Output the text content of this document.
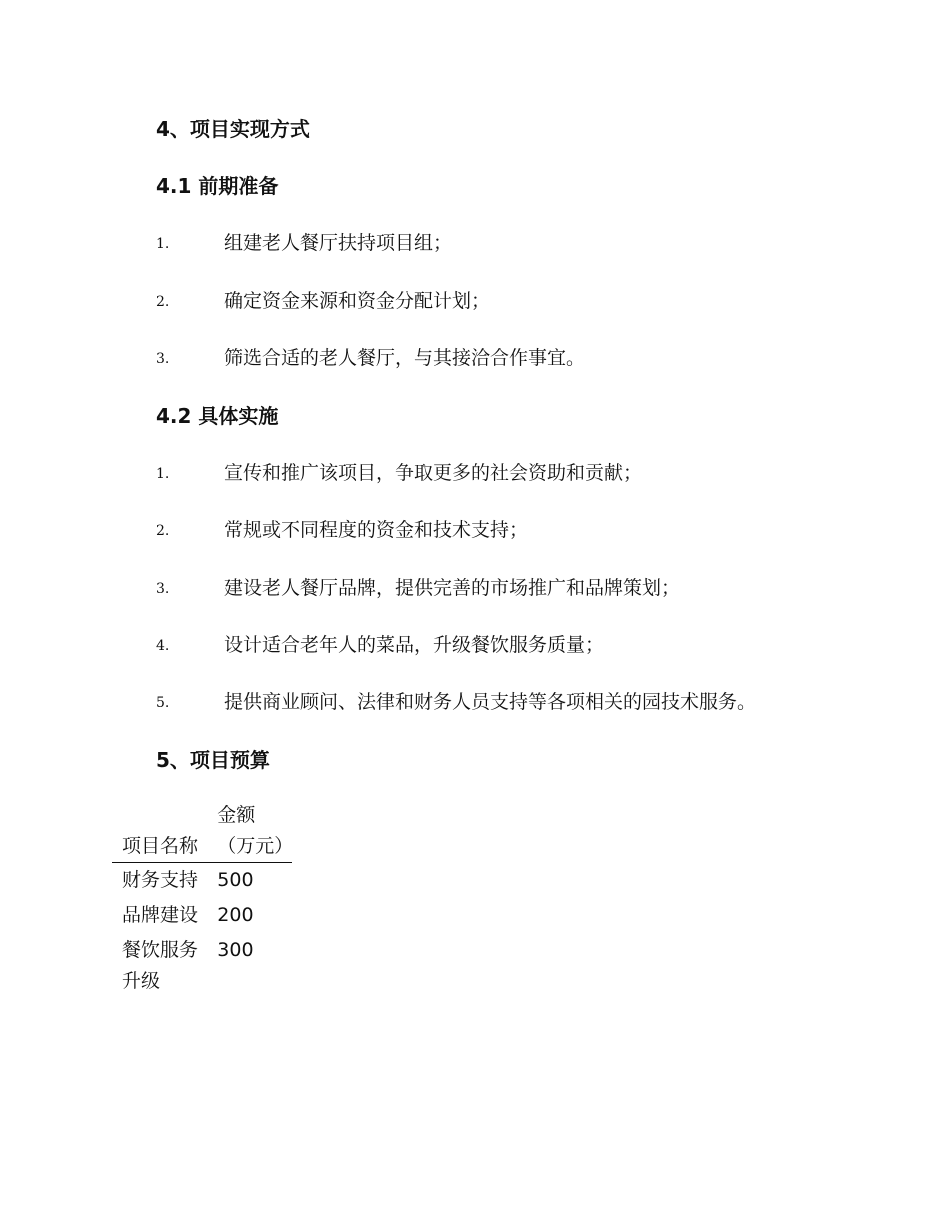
4、项目实现方式
4.1 前期准备
1.	组建老人餐厅扶持项目组；
2.	确定资金来源和资金分配计划；
3.	筛选合适的老人餐厅，与其接洽合作事宜。
4.2 具体实施
1.	宣传和推广该项目，争取更多的社会资助和贡献；
2.	常规或不同程度的资金和技术支持；
3.	建设老人餐厅品牌，提供完善的市场推广和品牌策划；
4.	设计适合老年人的菜品，升级餐饮服务质量；
5.	提供商业顾问、法律和财务人员支持等各项相关的园技术服务。
5、项目预算
项目名称	金额（万元）

财务支持	500

品牌建设	200

餐饮服务升级	300
